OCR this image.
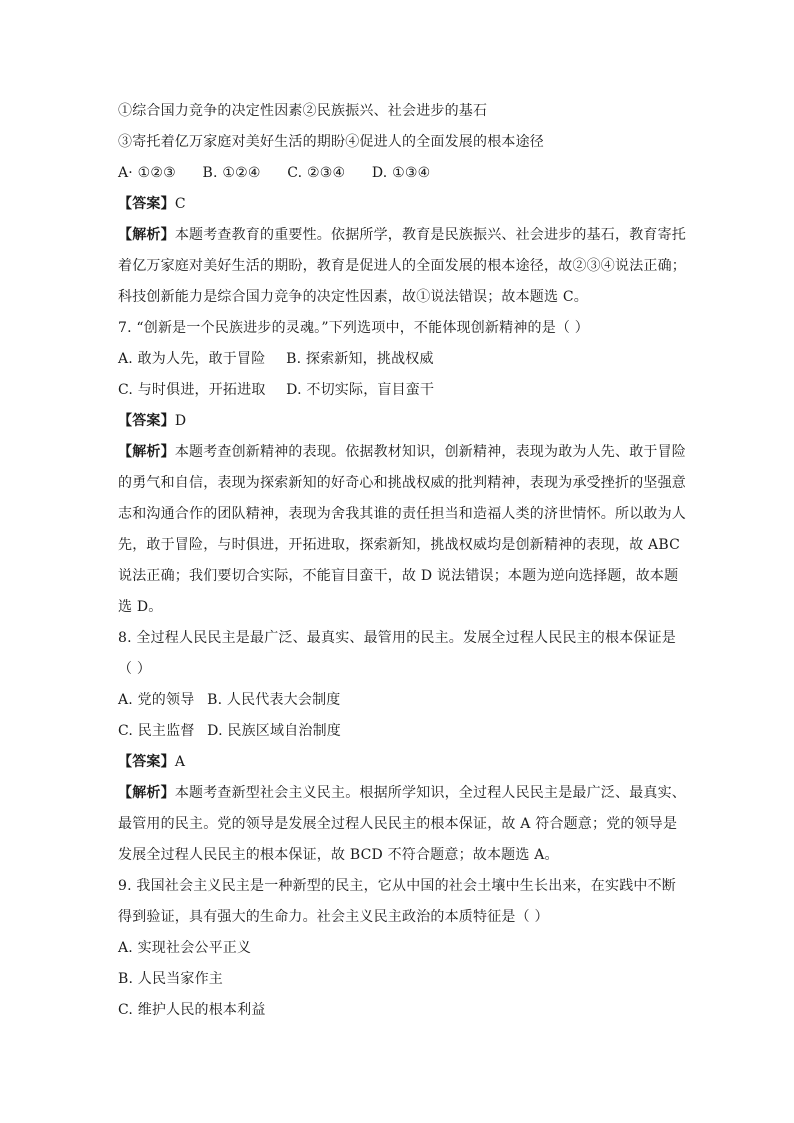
①综合国力竞争的决定性因素②民族振兴、社会进步的基石
③寄托着亿万家庭对美好生活的期盼④促进人的全面发展的根本途径
A· ①②③ B. ①②④ C. ②③④ D. ①③④
【答案】C
【解析】本题考查教育的重要性。依据所学，教育是民族振兴、社会进步的基石，教育寄托
着亿万家庭对美好生活的期盼，教育是促进人的全面发展的根本途径，故②③④说法正确；
科技创新能力是综合国力竞争的决定性因素，故①说法错误；故本题选 C。
7. “创新是一个民族进步的灵魂。”下列选项中，不能体现创新精神的是（ ）
A. 敢为人先，敢于冒险 B. 探索新知，挑战权威
C. 与时俱进，开拓进取 D. 不切实际，盲目蛮干
【答案】D
【解析】本题考查创新精神的表现。依据教材知识，创新精神，表现为敢为人先、敢于冒险
的勇气和自信，表现为探索新知的好奇心和挑战权威的批判精神，表现为承受挫折的坚强意
志和沟通合作的团队精神，表现为舍我其谁的责任担当和造福人类的济世情怀。所以敢为人
先，敢于冒险，与时俱进，开拓进取，探索新知，挑战权威均是创新精神的表现，故 ABC
说法正确；我们要切合实际，不能盲目蛮干，故 D 说法错误；本题为逆向选择题，故本题
选 D。
8. 全过程人民民主是最广泛、最真实、最管用的民主。发展全过程人民民主的根本保证是
（ ）
A. 党的领导 B. 人民代表大会制度
C. 民主监督 D. 民族区域自治制度
【答案】A
【解析】本题考查新型社会主义民主。根据所学知识，全过程人民民主是最广泛、最真实、
最管用的民主。党的领导是发展全过程人民民主的根本保证，故 A 符合题意；党的领导是
发展全过程人民民主的根本保证，故 BCD 不符合题意；故本题选 A。
9. 我国社会主义民主是一种新型的民主，它从中国的社会土壤中生长出来，在实践中不断
得到验证，具有强大的生命力。社会主义民主政治的本质特征是（ ）
A. 实现社会公平正义
B. 人民当家作主
C. 维护人民的根本利益
